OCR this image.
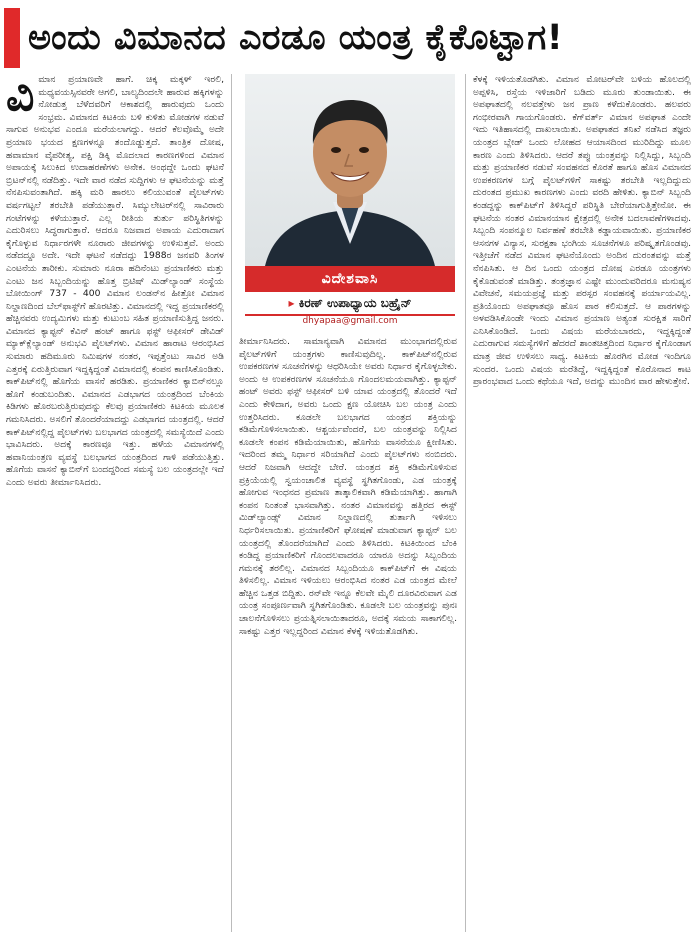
ಅಂದು ವಿಮಾನದ ಎರಡೂ ಯಂತ್ರ ಕೈಕೊಟ್ಟಾಗ!
ವಿ ಮಾನ ಪ್ರಯಾಣವೇ ಹಾಗೆ. ಚಿಕ್ಕ ಮಕ್ಕಳ್ ಇರಲಿ, ಮಧ್ಯವಯಸ್ಸಿನವರೇ ಆಗಲಿ, ಬಾಲ್ಯದಿಂದಲೇ ಹಾರುವ ಹಕ್ಕಿಗಳನ್ನು ನೋಡುತ್ತ ಬೆಳೆದವರಿಗೆ ಆಕಾಶದಲ್ಲಿ ಹಾರುವುದು ಒಂದು ಸಂಭ್ರಮ. ವಿಮಾನದ ಕಿಟಕಿಯ ಬಳಿ ಕುಳಿತು ಮೋಡಗಳ ನಡುವೆ ಸಾಗುವ ಅನುಭವ ಎಂದೂ ಮರೆಯಲಾಗದ್ದು. ಆದರೆ ಕೆಲವೊಮ್ಮೆ ಅದೇ ಪ್ರಯಾಣ ಭಯದ ಕ್ಷಣಗಳನ್ನೂ ತಂದೊಡ್ಡುತ್ತದೆ. ತಾಂತ್ರಿಕ ದೋಷ, ಹವಾಮಾನ ವೈಪರೀತ್ಯ, ಪಕ್ಷಿ ಡಿಕ್ಕಿ ಮೊದಲಾದ ಕಾರಣಗಳಿಂದ ವಿಮಾನ ಅಪಾಯಕ್ಕೆ ಸಿಲುಕಿದ ಉದಾಹರಣೆಗಳು ಅನೇಕ. ಅಂಥದ್ದೇ ಒಂದು ಘಟನೆ ಬ್ರಿಟನ್‌ನಲ್ಲಿ ನಡೆದಿತ್ತು. ಇದೇ ವಾರ ನಡೆದ ಸುದ್ದಿಗಳು ಆ ಘಟನೆಯನ್ನು ಮತ್ತೆ ನೆನಪಿಸುವಂತಾಗಿದೆ. ಹಕ್ಕಿ ಮರಿ ಹಾರಲು ಕಲಿಯುವಂತೆ ಪೈಲಟ್‌ಗಳು ವರ್ಷಗಟ್ಟಲೆ ತರಬೇತಿ ಪಡೆಯುತ್ತಾರೆ. ಸಿಮ್ಯುಲೇಟರ್‌ನಲ್ಲಿ ಸಾವಿರಾರು ಗಂಟೆಗಳನ್ನು ಕಳೆಯುತ್ತಾರೆ. ಎಲ್ಲ ರೀತಿಯ ತುರ್ತು ಪರಿಸ್ಥಿತಿಗಳನ್ನು ಎದುರಿಸಲು ಸಿದ್ಧರಾಗುತ್ತಾರೆ. ಆದರೂ ನಿಜವಾದ ಅಪಾಯ ಎದುರಾದಾಗ ಕೈಗೊಳ್ಳುವ ನಿರ್ಧಾರಗಳೇ ನೂರಾರು ಜೀವಗಳನ್ನು ಉಳಿಸುತ್ತವೆ. ಅಂದು ನಡೆದದ್ದೂ ಅದೇ. ಇದೇ ಘಟನೆ ನಡೆದದ್ದು 1988ರ ಜನವರಿ ತಿಂಗಳ ಎಂಟನೆಯ ತಾರೀಕು. ಸುಮಾರು ನೂರಾ ಹದಿನೆಂಟು ಪ್ರಯಾಣಿಕರು ಮತ್ತು ಎಂಟು ಜನ ಸಿಬ್ಬಂದಿಯನ್ನು ಹೊತ್ತ ಬ್ರಿಟಿಷ್ ಮಿಡ್‌ಲ್ಯಾಂಡ್ ಸಂಸ್ಥೆಯ ಬೋಯಿಂಗ್ 737 - 400 ವಿಮಾನ ಲಂಡನ್‌ನ ಹೀತ್ರೋ ವಿಮಾನ ನಿಲ್ದಾಣದಿಂದ ಬೆಲ್‌ಫಾಸ್ಟ್‌ಗೆ ಹೊರಟಿತ್ತು. ವಿಮಾನದಲ್ಲಿ ಇದ್ದ ಪ್ರಯಾಣಿಕರಲ್ಲಿ ಹೆಚ್ಚಿನವರು ಉದ್ಯಮಿಗಳು ಮತ್ತು ಕುಟುಂಬ ಸಹಿತ ಪ್ರಯಾಣಿಸುತ್ತಿದ್ದ ಜನರು. ವಿಮಾನದ ಕ್ಯಾಪ್ಟನ್ ಕೆವಿನ್ ಹಂಟ್ ಹಾಗೂ ಫಸ್ಟ್ ಆಫೀಸರ್ ಡೇವಿಡ್ ಮ್ಯಾಕ್‌ಕ್ಲೆಲ್ಯಾಂಡ್ ಅನುಭವಿ ಪೈಲಟ್‌ಗಳು. ವಿಮಾನ ಹಾರಾಟ ಆರಂಭಿಸಿದ ಸುಮಾರು ಹದಿಮೂರು ನಿಮಿಷಗಳ ನಂತರ, ಇಪ್ಪತ್ತೆಂಟು ಸಾವಿರ ಅಡಿ ಎತ್ತರಕ್ಕೆ ಏರುತ್ತಿರುವಾಗ ಇದ್ದಕ್ಕಿದ್ದಂತೆ ವಿಮಾನದಲ್ಲಿ ಕಂಪನ ಕಾಣಿಸಿಕೊಂಡಿತು. ಕಾಕ್‌ಪಿಟ್‌ನಲ್ಲಿ ಹೊಗೆಯ ವಾಸನೆ ಹರಡಿತು. ಪ್ರಯಾಣಿಕರ ಕ್ಯಾಬಿನ್‌ನಲ್ಲೂ ಹೊಗೆ ಕಂಡುಬಂದಿತು. ವಿಮಾನದ ಎಡಭಾಗದ ಯಂತ್ರದಿಂದ ಬೆಂಕಿಯ ಕಿಡಿಗಳು ಹೊರಬರುತ್ತಿರುವುದನ್ನು ಕೆಲವು ಪ್ರಯಾಣಿಕರು ಕಿಟಕಿಯ ಮೂಲಕ ಗಮನಿಸಿದರು. ಅಸಲಿಗೆ ತೊಂದರೆಯಾದದ್ದು ಎಡಭಾಗದ ಯಂತ್ರದಲ್ಲಿ. ಆದರೆ ಕಾಕ್‌ಪಿಟ್‌ನಲ್ಲಿದ್ದ ಪೈಲಟ್‌ಗಳು ಬಲಭಾಗದ ಯಂತ್ರದಲ್ಲಿ ಸಮಸ್ಯೆಯಿದೆ ಎಂದು ಭಾವಿಸಿದರು. ಅದಕ್ಕೆ ಕಾರಣವೂ ಇತ್ತು. ಹಳೆಯ ವಿಮಾನಗಳಲ್ಲಿ ಹವಾನಿಯಂತ್ರಣ ವ್ಯವಸ್ಥೆ ಬಲಭಾಗದ ಯಂತ್ರದಿಂದ ಗಾಳಿ ಪಡೆಯುತ್ತಿತ್ತು. ಹೊಗೆಯ ವಾಸನೆ ಕ್ಯಾಬಿನ್‌ಗೆ ಬಂದದ್ದರಿಂದ ಸಮಸ್ಯೆ ಬಲ ಯಂತ್ರದಲ್ಲೇ ಇದೆ ಎಂದು ಅವರು ತೀರ್ಮಾನಿಸಿದರು.

ವಿದೇಶವಾಸಿ
▸ ಕಿರಣ್ ಉಪಾಧ್ಯಾಯ ಬಹ್ರೈನ್
dhyapaa@gmail.com

ತೀರ್ಮಾನಿಸಿದರು. ಸಾಮಾನ್ಯವಾಗಿ ವಿಮಾನದ ಮುಂಭಾಗದಲ್ಲಿರುವ ಪೈಲಟ್‌ಗಳಿಗೆ ಯಂತ್ರಗಳು ಕಾಣಿಸುವುದಿಲ್ಲ. ಕಾಕ್‌ಪಿಟ್‌ನಲ್ಲಿರುವ ಉಪಕರಣಗಳ ಸೂಚನೆಗಳನ್ನು ಆಧರಿಸಿಯೇ ಅವರು ನಿರ್ಧಾರ ಕೈಗೊಳ್ಳಬೇಕು. ಅಂದು ಆ ಉಪಕರಣಗಳ ಸೂಚನೆಯೂ ಗೊಂದಲಮಯವಾಗಿತ್ತು. ಕ್ಯಾಪ್ಟನ್ ಹಂಟ್ ಅವರು ಫಸ್ಟ್ ಆಫೀಸರ್ ಬಳಿ ಯಾವ ಯಂತ್ರದಲ್ಲಿ ತೊಂದರೆ ಇದೆ ಎಂದು ಕೇಳಿದಾಗ, ಅವರು ಒಂದು ಕ್ಷಣ ಯೋಚಿಸಿ ಬಲ ಯಂತ್ರ ಎಂದು ಉತ್ತರಿಸಿದರು. ಕೂಡಲೇ ಬಲಭಾಗದ ಯಂತ್ರದ ಶಕ್ತಿಯನ್ನು ಕಡಿಮೆಗೊಳಿಸಲಾಯಿತು. ಆಶ್ಚರ್ಯವೆಂದರೆ, ಬಲ ಯಂತ್ರವನ್ನು ನಿಲ್ಲಿಸಿದ ಕೂಡಲೇ ಕಂಪನ ಕಡಿಮೆಯಾಯಿತು, ಹೊಗೆಯ ವಾಸನೆಯೂ ಕ್ಷೀಣಿಸಿತು. ಇದರಿಂದ ತಮ್ಮ ನಿರ್ಧಾರ ಸರಿಯಾಗಿದೆ ಎಂದು ಪೈಲಟ್‌ಗಳು ನಂಬಿದರು. ಆದರೆ ನಿಜವಾಗಿ ಆದದ್ದೇ ಬೇರೆ. ಯಂತ್ರದ ಶಕ್ತಿ ಕಡಿಮೆಗೊಳಿಸುವ ಪ್ರಕ್ರಿಯೆಯಲ್ಲಿ ಸ್ವಯಂಚಾಲಿತ ವ್ಯವಸ್ಥೆ ಸ್ಥಗಿತಗೊಂಡು, ಎಡ ಯಂತ್ರಕ್ಕೆ ಹೋಗುವ ಇಂಧನದ ಪ್ರಮಾಣ ತಾತ್ಕಾಲಿಕವಾಗಿ ಕಡಿಮೆಯಾಗಿತ್ತು. ಹಾಗಾಗಿ ಕಂಪನ ನಿಂತಂತೆ ಭಾಸವಾಗಿತ್ತು. ನಂತರ ವಿಮಾನವನ್ನು ಹತ್ತಿರದ ಈಸ್ಟ್ ಮಿಡ್‌ಲ್ಯಾಂಡ್ಸ್ ವಿಮಾನ ನಿಲ್ದಾಣದಲ್ಲಿ ತುರ್ತಾಗಿ ಇಳಿಸಲು ನಿರ್ಧರಿಸಲಾಯಿತು. ಪ್ರಯಾಣಿಕರಿಗೆ ಘೋಷಣೆ ಮಾಡುವಾಗ ಕ್ಯಾಪ್ಟನ್ ಬಲ ಯಂತ್ರದಲ್ಲಿ ತೊಂದರೆಯಾಗಿದೆ ಎಂದು ತಿಳಿಸಿದರು. ಕಿಟಕಿಯಿಂದ ಬೆಂಕಿ ಕಂಡಿದ್ದ ಪ್ರಯಾಣಿಕರಿಗೆ ಗೊಂದಲವಾದರೂ ಯಾರೂ ಅದನ್ನು ಸಿಬ್ಬಂದಿಯ ಗಮನಕ್ಕೆ ತರಲಿಲ್ಲ. ವಿಮಾನದ ಸಿಬ್ಬಂದಿಯೂ ಕಾಕ್‌ಪಿಟ್‌ಗೆ ಈ ವಿಷಯ ತಿಳಿಸಲಿಲ್ಲ. ವಿಮಾನ ಇಳಿಯಲು ಆರಂಭಿಸಿದ ನಂತರ ಎಡ ಯಂತ್ರದ ಮೇಲೆ ಹೆಚ್ಚಿನ ಒತ್ತಡ ಬಿದ್ದಿತು. ರನ್‌ವೇ ಇನ್ನೂ ಕೆಲವೇ ಮೈಲಿ ದೂರವಿರುವಾಗ ಎಡ ಯಂತ್ರ ಸಂಪೂರ್ಣವಾಗಿ ಸ್ಥಗಿತಗೊಂಡಿತು. ಕೂಡಲೇ ಬಲ ಯಂತ್ರವನ್ನು ಪುನಃ ಚಾಲನೆಗೊಳಿಸಲು ಪ್ರಯತ್ನಿಸಲಾಯಿತಾದರೂ, ಅದಕ್ಕೆ ಸಮಯ ಸಾಕಾಗಲಿಲ್ಲ. ಸಾಕಷ್ಟು ಎತ್ತರ ಇಲ್ಲದ್ದರಿಂದ ವಿಮಾನ ಕೆಳಕ್ಕೆ ಇಳಿಯತೊಡಗಿತು.

ಕೆಳಕ್ಕೆ ಇಳಿಯತೊಡಗಿತು. ವಿಮಾನ ಮೋಟರ್‌ವೇ ಬಳಿಯ ಹೊಲದಲ್ಲಿ ಅಪ್ಪಳಿಸಿ, ರಸ್ತೆಯ ಇಳಿಜಾರಿಗೆ ಬಡಿದು ಮೂರು ತುಂಡಾಯಿತು. ಈ ಅಪಘಾತದಲ್ಲಿ ನಲವತ್ತೇಳು ಜನ ಪ್ರಾಣ ಕಳೆದುಕೊಂಡರು. ಹಲವರು ಗಂಭೀರವಾಗಿ ಗಾಯಗೊಂಡರು. ಕೆಗ್‌ವರ್ತ್ ವಿಮಾನ ಅಪಘಾತ ಎಂದೇ ಇದು ಇತಿಹಾಸದಲ್ಲಿ ದಾಖಲಾಯಿತು. ಅಪಘಾತದ ತನಿಖೆ ನಡೆಸಿದ ತಜ್ಞರು ಯಂತ್ರದ ಬ್ಲೇಡ್ ಒಂದು ಲೋಹದ ಆಯಾಸದಿಂದ ಮುರಿದಿದ್ದು ಮೂಲ ಕಾರಣ ಎಂದು ತಿಳಿಸಿದರು. ಆದರೆ ತಪ್ಪು ಯಂತ್ರವನ್ನು ನಿಲ್ಲಿಸಿದ್ದು, ಸಿಬ್ಬಂದಿ ಮತ್ತು ಪ್ರಯಾಣಿಕರ ನಡುವೆ ಸಂವಹನದ ಕೊರತೆ ಹಾಗೂ ಹೊಸ ವಿಮಾನದ ಉಪಕರಣಗಳ ಬಗ್ಗೆ ಪೈಲಟ್‌ಗಳಿಗೆ ಸಾಕಷ್ಟು ತರಬೇತಿ ಇಲ್ಲದಿದ್ದುದು ದುರಂತದ ಪ್ರಮುಖ ಕಾರಣಗಳು ಎಂದು ವರದಿ ಹೇಳಿತು. ಕ್ಯಾಬಿನ್ ಸಿಬ್ಬಂದಿ ಕಂಡದ್ದನ್ನು ಕಾಕ್‌ಪಿಟ್‌ಗೆ ತಿಳಿಸಿದ್ದರೆ ಪರಿಸ್ಥಿತಿ ಬೇರೆಯಾಗುತ್ತಿತ್ತೇನೋ. ಈ ಘಟನೆಯ ನಂತರ ವಿಮಾನಯಾನ ಕ್ಷೇತ್ರದಲ್ಲಿ ಅನೇಕ ಬದಲಾವಣೆಗಳಾದವು. ಸಿಬ್ಬಂದಿ ಸಂಪನ್ಮೂಲ ನಿರ್ವಹಣೆ ತರಬೇತಿ ಕಡ್ಡಾಯವಾಯಿತು. ಪ್ರಯಾಣಿಕರ ಆಸನಗಳ ವಿನ್ಯಾಸ, ಸುರಕ್ಷತಾ ಭಂಗಿಯ ಸೂಚನೆಗಳೂ ಪರಿಷ್ಕೃತಗೊಂಡವು. ಇತ್ತೀಚೆಗೆ ನಡೆದ ವಿಮಾನ ಘಟನೆಯೊಂದು ಅಂದಿನ ದುರಂತವನ್ನು ಮತ್ತೆ ನೆನಪಿಸಿತು. ಆ ದಿನ ಒಂದು ಯಂತ್ರದ ದೋಷ ಎರಡೂ ಯಂತ್ರಗಳು ಕೈಕೊಡುವಂತೆ ಮಾಡಿತ್ತು. ತಂತ್ರಜ್ಞಾನ ಎಷ್ಟೇ ಮುಂದುವರಿದರೂ ಮನುಷ್ಯನ ವಿವೇಚನೆ, ಸಮಯಪ್ರಜ್ಞೆ ಮತ್ತು ಪರಸ್ಪರ ಸಂವಹನಕ್ಕೆ ಪರ್ಯಾಯವಿಲ್ಲ. ಪ್ರತಿಯೊಂದು ಅಪಘಾತವೂ ಹೊಸ ಪಾಠ ಕಲಿಸುತ್ತದೆ. ಆ ಪಾಠಗಳನ್ನು ಅಳವಡಿಸಿಕೊಂಡೇ ಇಂದು ವಿಮಾನ ಪ್ರಯಾಣ ಅತ್ಯಂತ ಸುರಕ್ಷಿತ ಸಾರಿಗೆ ಎನಿಸಿಕೊಂಡಿದೆ. ಒಂದು ವಿಷಯ ಮರೆಯಬಾರದು, ಇದ್ದಕ್ಕಿದ್ದಂತೆ ಎದುರಾಗುವ ಸಮಸ್ಯೆಗಳಿಗೆ ಹೆದರದೆ ಶಾಂತಚಿತ್ತದಿಂದ ನಿರ್ಧಾರ ಕೈಗೊಂಡಾಗ ಮಾತ್ರ ಜೀವ ಉಳಿಸಲು ಸಾಧ್ಯ. ಕಿಟಕಿಯ ಹೊರಗಿನ ಮೋಡ ಇಂದಿಗೂ ಸುಂದರ. ಒಂದು ವಿಷಯ ಮರೆತಿದ್ದೆ, ಇದ್ದಕ್ಕಿದ್ದಂತೆ ಕೊರೊನಾದ ಕಾಟ ಪ್ರಾರಂಭವಾದ ಒಂದು ಕಥೆಯೂ ಇದೆ, ಅದನ್ನು ಮುಂದಿನ ವಾರ ಹೇಳುತ್ತೇನೆ.
